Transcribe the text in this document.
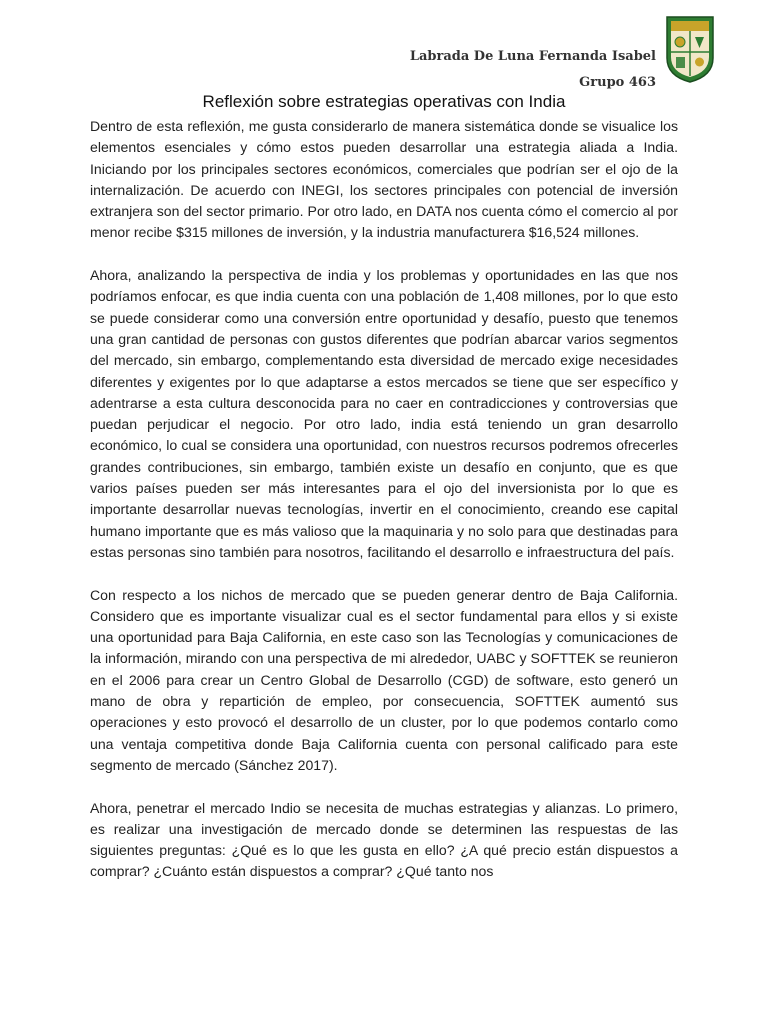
Labrada De Luna Fernanda Isabel
Grupo 463
Reflexión sobre estrategias operativas con India

Dentro de esta reflexión, me gusta considerarlo de manera sistemática donde se visualice los elementos esenciales y cómo estos pueden desarrollar una estrategia aliada a India. Iniciando por los principales sectores económicos, comerciales que podrían ser el ojo de la internalización. De acuerdo con INEGI, los sectores principales con potencial de inversión extranjera son del sector primario. Por otro lado, en DATA nos cuenta cómo el comercio al por menor recibe $315 millones de inversión, y la industria manufacturera $16,524 millones.

Ahora, analizando la perspectiva de india y los problemas y oportunidades en las que nos podríamos enfocar, es que india cuenta con una población de 1,408 millones, por lo que esto se puede considerar como una conversión entre oportunidad y desafío, puesto que tenemos una gran cantidad de personas con gustos diferentes que podrían abarcar varios segmentos del mercado, sin embargo, complementando esta diversidad de mercado exige necesidades diferentes y exigentes por lo que adaptarse a estos mercados se tiene que ser específico y adentrarse a esta cultura desconocida para no caer en contradicciones y controversias que puedan perjudicar el negocio. Por otro lado, india está teniendo un gran desarrollo económico, lo cual se considera una oportunidad, con nuestros recursos podremos ofrecerles grandes contribuciones, sin embargo, también existe un desafío en conjunto, que es que varios países pueden ser más interesantes para el ojo del inversionista por lo que es importante desarrollar nuevas tecnologías, invertir en el conocimiento, creando ese capital humano importante que es más valioso que la maquinaria y no solo para que destinadas para estas personas sino también para nosotros, facilitando el desarrollo e infraestructura del país.

Con respecto a los nichos de mercado que se pueden generar dentro de Baja California. Considero que es importante visualizar cual es el sector fundamental para ellos y si existe una oportunidad para Baja California, en este caso son las Tecnologías y comunicaciones de la información, mirando con una perspectiva de mi alrededor, UABC y SOFTTEK se reunieron en el 2006 para crear un Centro Global de Desarrollo (CGD) de software, esto generó un mano de obra y repartición de empleo, por consecuencia, SOFTTEK aumentó sus operaciones y esto provocó el desarrollo de un cluster, por lo que podemos contarlo como una ventaja competitiva donde Baja California cuenta con personal calificado para este segmento de mercado (Sánchez 2017).

Ahora, penetrar el mercado Indio se necesita de muchas estrategias y alianzas. Lo primero, es realizar una investigación de mercado donde se determinen las respuestas de las siguientes preguntas: ¿Qué es lo que les gusta en ello? ¿A qué precio están dispuestos a comprar? ¿Cuánto están dispuestos a comprar? ¿Qué tanto nos
